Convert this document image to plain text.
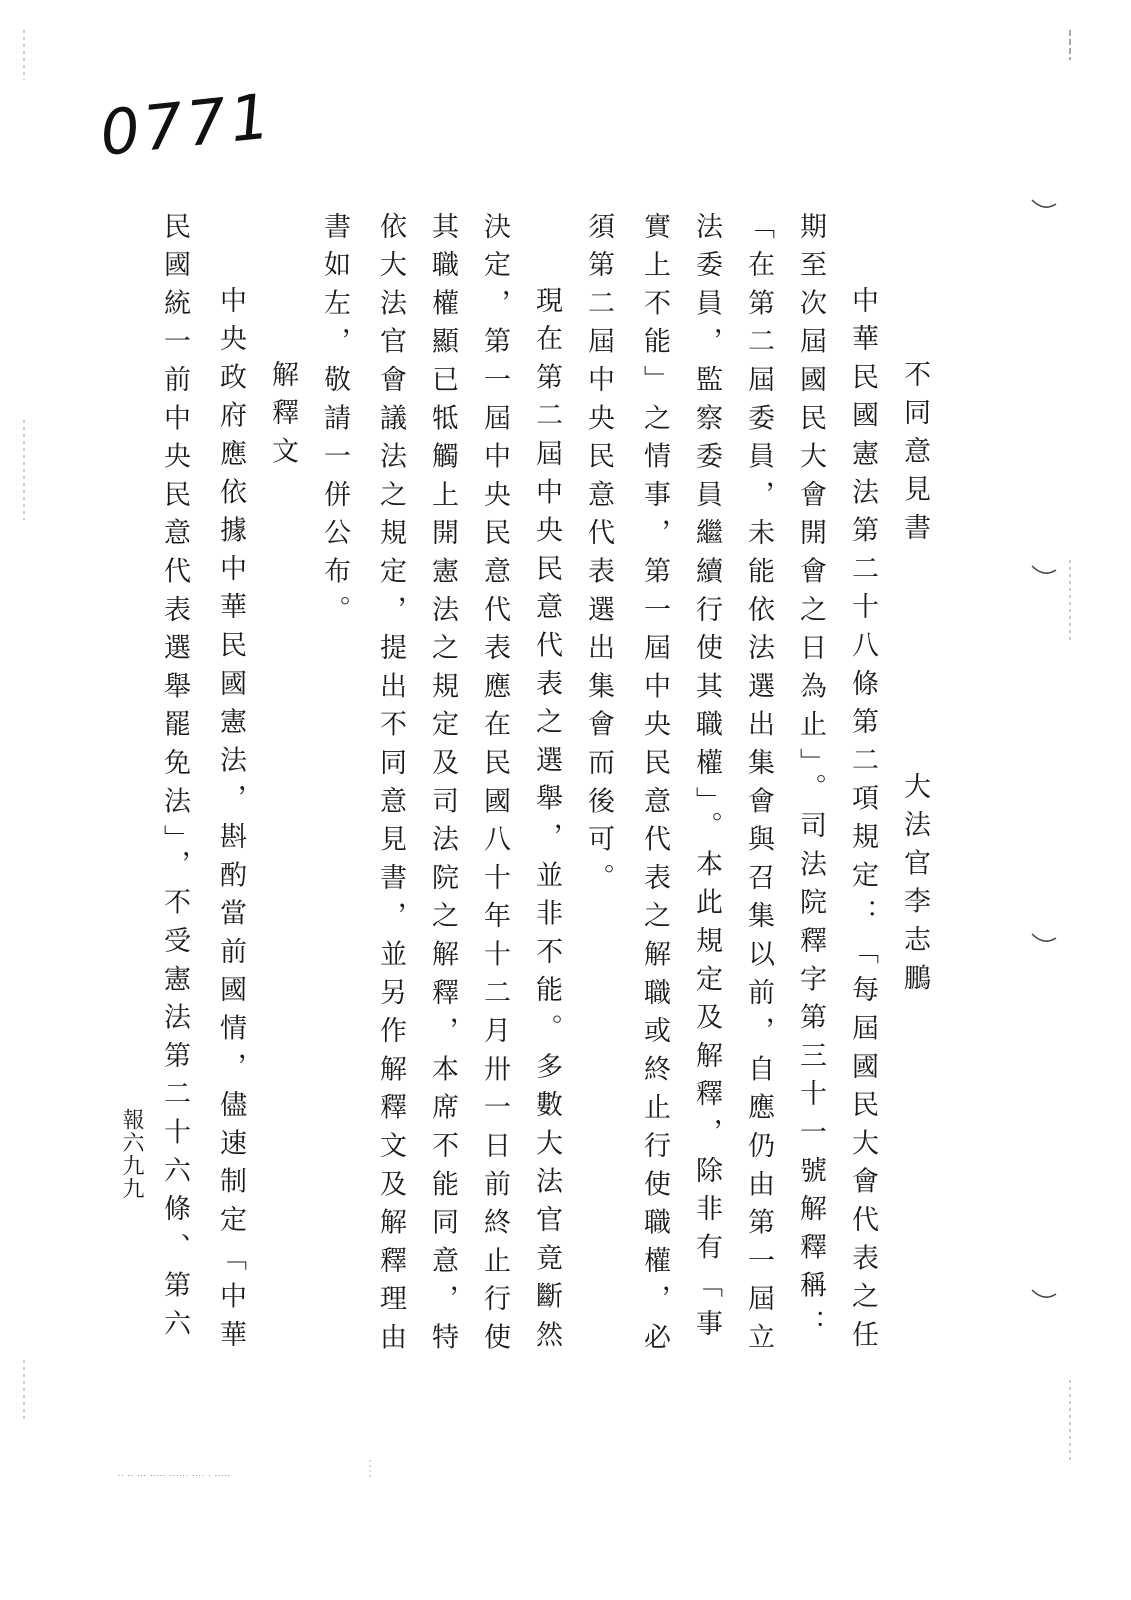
0771
不同意見書
大法官李志鵬
中華民國憲法第二十八條第二項規定：「每屆國民大會代表之任
期至次屆國民大會開會之日為止」。司法院釋字第三十一號解釋稱：
「在第二屆委員，未能依法選出集會與召集以前，自應仍由第一屆立
法委員，監察委員繼續行使其職權」。本此規定及解釋，除非有「事
實上不能」之情事，第一屆中央民意代表之解職或終止行使職權，必
須第二屆中央民意代表選出集會而後可。
現在第二屆中央民意代表之選舉，並非不能。多數大法官竟斷然
決定，第一屆中央民意代表應在民國八十年十二月卅一日前終止行使
其職權顯已牴觸上開憲法之規定及司法院之解釋，本席不能同意，特
依大法官會議法之規定，提出不同意見書，並另作解釋文及解釋理由
書如左，敬請一併公布。
解釋文
中央政府應依據中華民國憲法，斟酌當前國情，儘速制定「中華
民國統一前中央民意代表選舉罷免法」，不受憲法第二十六條、第六
報六九九
·· ·· ··· ····· ······ ···· · ·····
